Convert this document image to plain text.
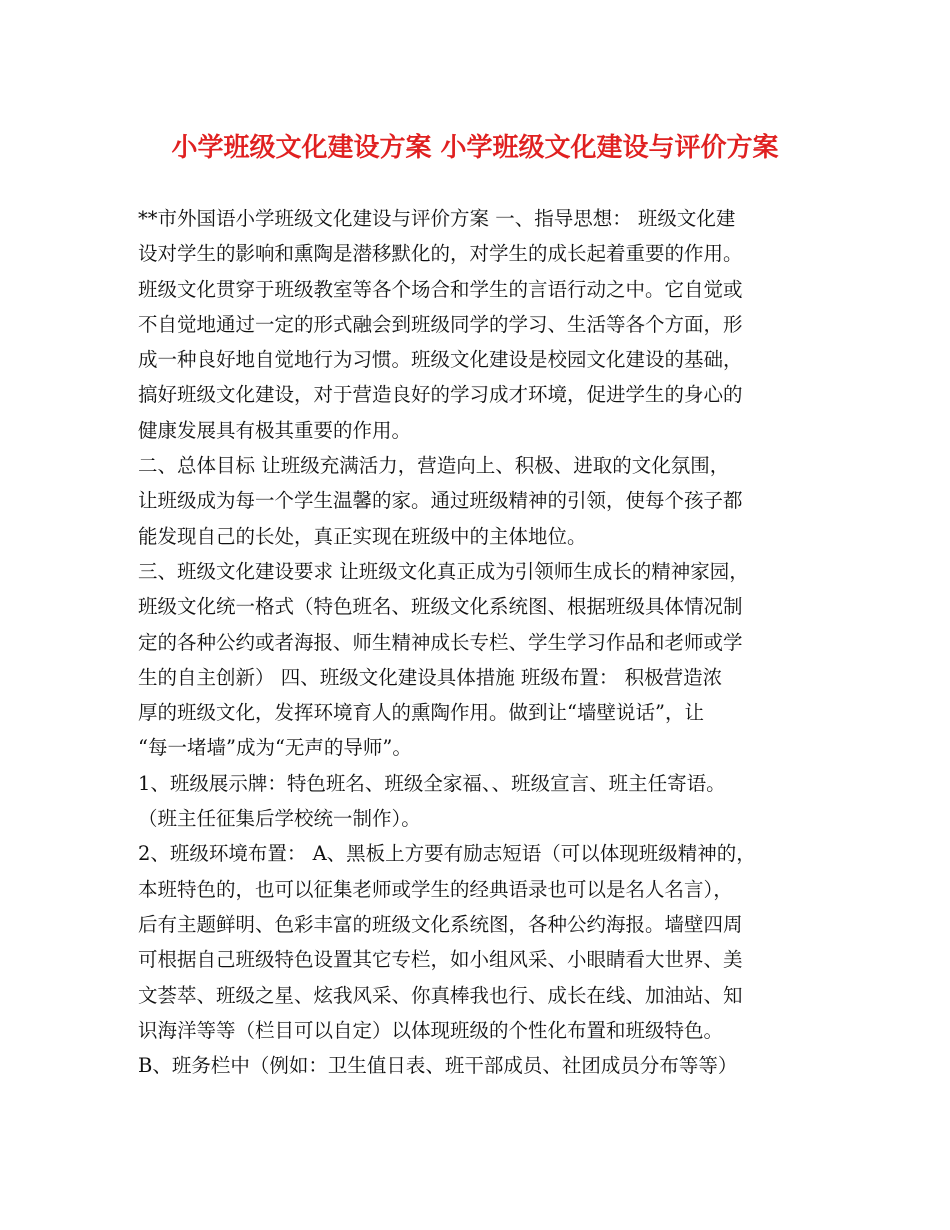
小学班级文化建设方案 小学班级文化建设与评价方案
**市外国语小学班级文化建设与评价方案 一、指导思想： 班级文化建
设对学生的影响和熏陶是潜移默化的，对学生的成长起着重要的作用。
班级文化贯穿于班级教室等各个场合和学生的言语行动之中。它自觉或
不自觉地通过一定的形式融会到班级同学的学习、生活等各个方面，形
成一种良好地自觉地行为习惯。班级文化建设是校园文化建设的基础，
搞好班级文化建设，对于营造良好的学习成才环境，促进学生的身心的
健康发展具有极其重要的作用。
二、总体目标 让班级充满活力，营造向上、积极、进取的文化氛围，
让班级成为每一个学生温馨的家。通过班级精神的引领，使每个孩子都
能发现自己的长处，真正实现在班级中的主体地位。
三、班级文化建设要求 让班级文化真正成为引领师生成长的精神家园，
班级文化统一格式（特色班名、班级文化系统图、根据班级具体情况制
定的各种公约或者海报、师生精神成长专栏、学生学习作品和老师或学
生的自主创新） 四、班级文化建设具体措施 班级布置： 积极营造浓
厚的班级文化，发挥环境育人的熏陶作用。做到让“墙壁说话”，让
“每一堵墙”成为“无声的导师”。
1、班级展示牌：特色班名、班级全家福、、班级宣言、班主任寄语。
（班主任征集后学校统一制作）。
2、班级环境布置： A、黑板上方要有励志短语（可以体现班级精神的，
本班特色的，也可以征集老师或学生的经典语录也可以是名人名言），
后有主题鲜明、色彩丰富的班级文化系统图，各种公约海报。墙壁四周
可根据自己班级特色设置其它专栏，如小组风采、小眼睛看大世界、美
文荟萃、班级之星、炫我风采、你真棒我也行、成长在线、加油站、知
识海洋等等（栏目可以自定）以体现班级的个性化布置和班级特色。
B、班务栏中（例如：卫生值日表、班干部成员、社团成员分布等等）
